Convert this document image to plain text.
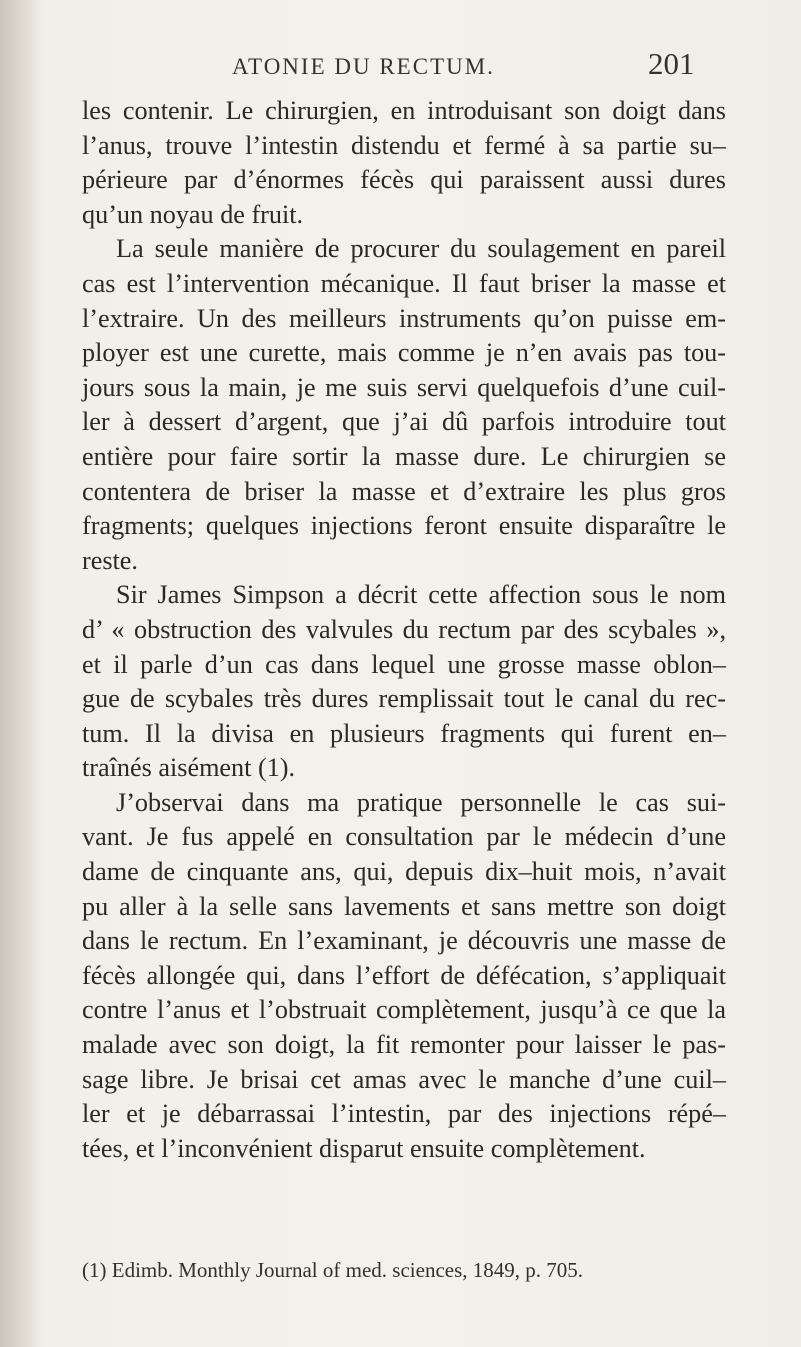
ATONIE DU RECTUM.	201

les contenir. Le chirurgien, en introduisant son doigt dans
l’anus, trouve l’intestin distendu et fermé à sa partie su–
périeure par d’énormes fécès qui paraissent aussi dures
qu’un noyau de fruit.

La seule manière de procurer du soulagement en pareil
cas est l’intervention mécanique. Il faut briser la masse et
l’extraire. Un des meilleurs instruments qu’on puisse em-
ployer est une curette, mais comme je n’en avais pas tou-
jours sous la main, je me suis servi quelquefois d’une cuil-
ler à dessert d’argent, que j’ai dû parfois introduire tout
entière pour faire sortir la masse dure. Le chirurgien se
contentera de briser la masse et d’extraire les plus gros
fragments; quelques injections feront ensuite disparaître le
reste.

Sir James Simpson a décrit cette affection sous le nom
d’ « obstruction des valvules du rectum par des scybales »,
et il parle d’un cas dans lequel une grosse masse oblon–
gue de scybales très dures remplissait tout le canal du rec-
tum. Il la divisa en plusieurs fragments qui furent en–
traînés aisément (1).

J’observai dans ma pratique personnelle le cas sui-
vant. Je fus appelé en consultation par le médecin d’une
dame de cinquante ans, qui, depuis dix–huit mois, n’avait
pu aller à la selle sans lavements et sans mettre son doigt
dans le rectum. En l’examinant, je découvris une masse de
fécès allongée qui, dans l’effort de défécation, s’appliquait
contre l’anus et l’obstruait complètement, jusqu’à ce que la
malade avec son doigt, la fit remonter pour laisser le pas-
sage libre. Je brisai cet amas avec le manche d’une cuil–
ler et je débarrassai l’intestin, par des injections répé–
tées, et l’inconvénient disparut ensuite complètement.

(1) Edimb. Monthly Journal of med. sciences, 1849, p. 705.
